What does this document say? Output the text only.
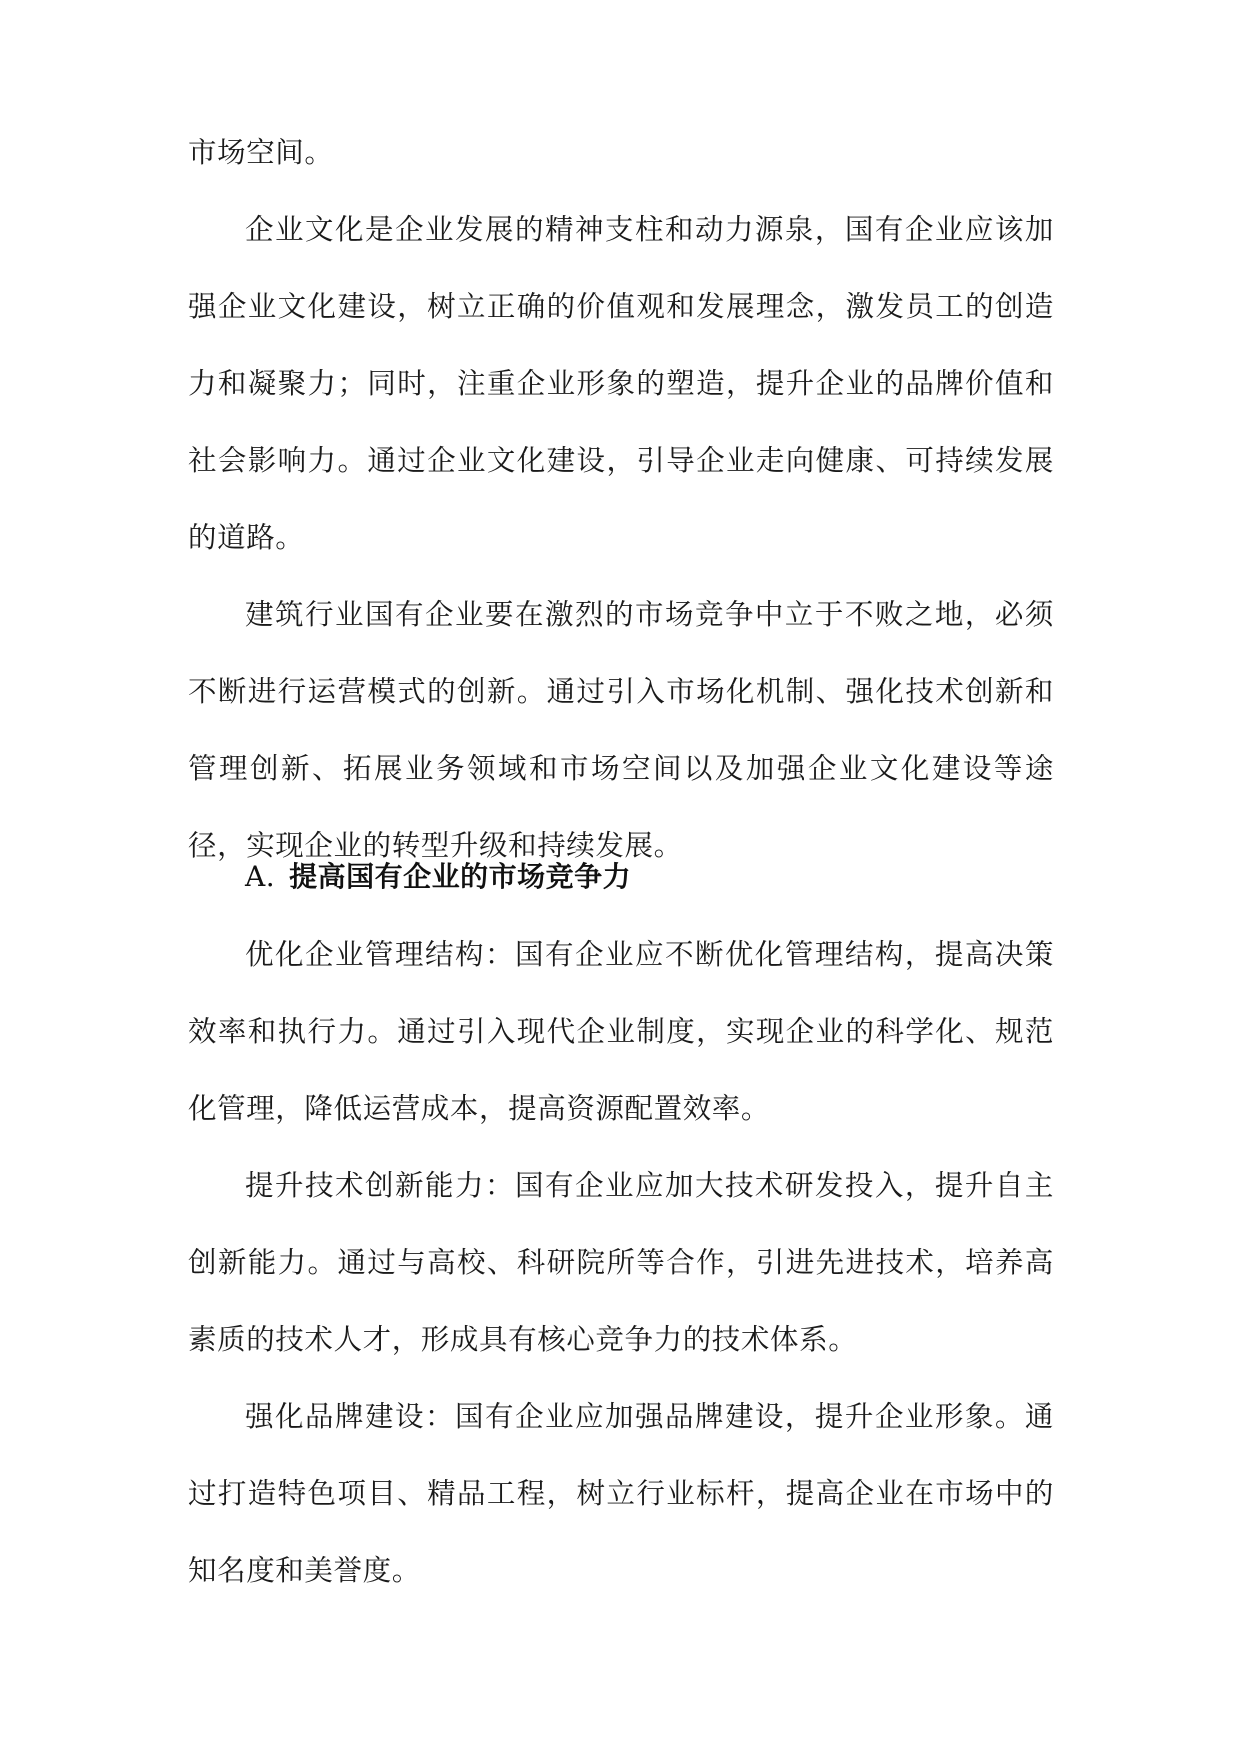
市场空间。

企业文化是企业发展的精神支柱和动力源泉，国有企业应该加强企业文化建设，树立正确的价值观和发展理念，激发员工的创造力和凝聚力；同时，注重企业形象的塑造，提升企业的品牌价值和社会影响力。通过企业文化建设，引导企业走向健康、可持续发展的道路。

建筑行业国有企业要在激烈的市场竞争中立于不败之地，必须不断进行运营模式的创新。通过引入市场化机制、强化技术创新和管理创新、拓展业务领域和市场空间以及加强企业文化建设等途径，实现企业的转型升级和持续发展。

A. 提高国有企业的市场竞争力

优化企业管理结构：国有企业应不断优化管理结构，提高决策效率和执行力。通过引入现代企业制度，实现企业的科学化、规范化管理，降低运营成本，提高资源配置效率。

提升技术创新能力：国有企业应加大技术研发投入，提升自主创新能力。通过与高校、科研院所等合作，引进先进技术，培养高素质的技术人才，形成具有核心竞争力的技术体系。

强化品牌建设：国有企业应加强品牌建设，提升企业形象。通过打造特色项目、精品工程，树立行业标杆，提高企业在市场中的知名度和美誉度。
